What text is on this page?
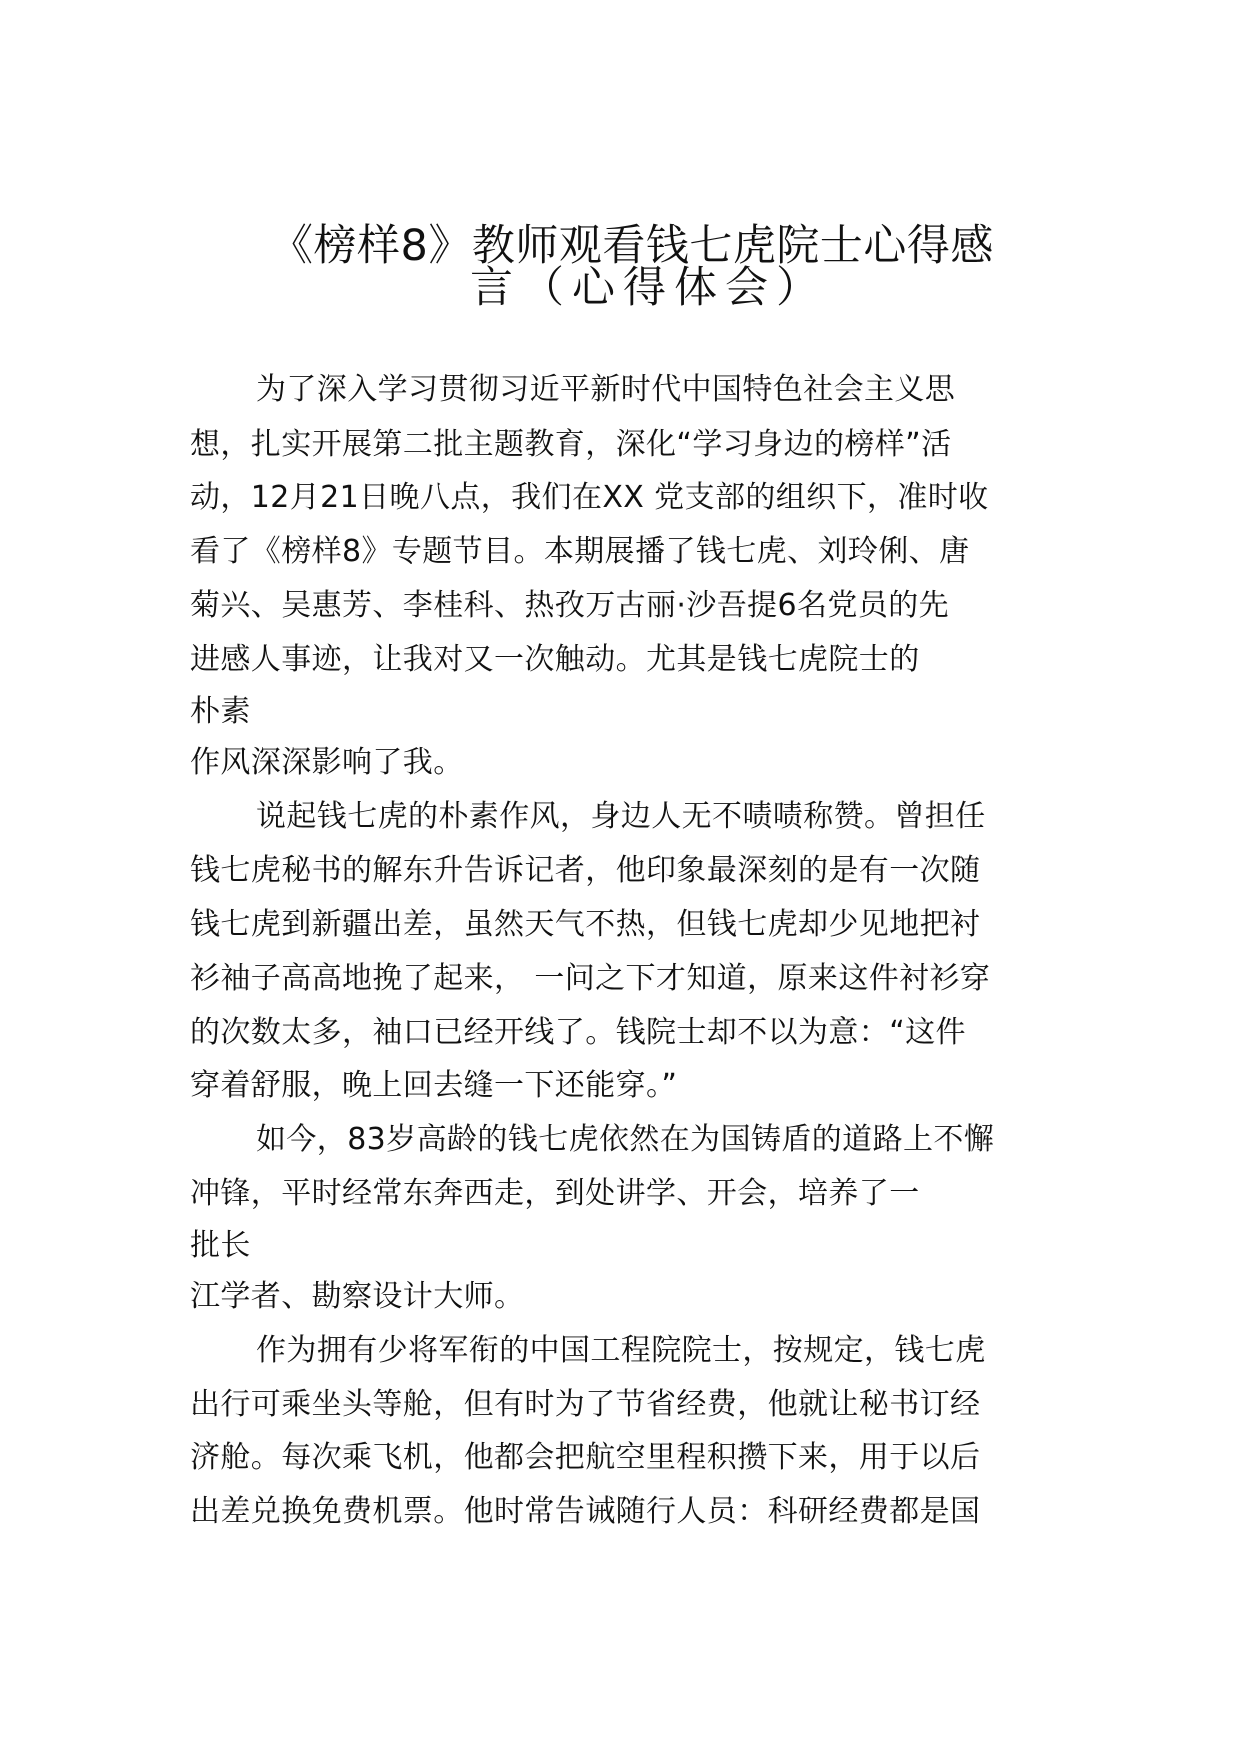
《榜样8》教师观看钱七虎院士心得感
言（心得体会）
为了深入学习贯彻习近平新时代中国特色社会主义思
想，扎实开展第二批主题教育，深化“学习身边的榜样”活
动，12月21日晚八点，我们在XX 党支部的组织下，准时收
看了《榜样8》专题节目。本期展播了钱七虎、刘玲俐、唐
菊兴、吴惠芳、李桂科、热孜万古丽·沙吾提6名党员的先
进感人事迹，让我对又一次触动。尤其是钱七虎院士的
朴素
作风深深影响了我。
说起钱七虎的朴素作风，身边人无不啧啧称赞。曾担任
钱七虎秘书的解东升告诉记者，他印象最深刻的是有一次随
钱七虎到新疆出差，虽然天气不热，但钱七虎却少见地把衬
衫袖子高高地挽了起来， 一问之下才知道，原来这件衬衫穿
的次数太多，袖口已经开线了。钱院士却不以为意：“这件
穿着舒服，晚上回去缝一下还能穿。”
如今，83岁高龄的钱七虎依然在为国铸盾的道路上不懈
冲锋，平时经常东奔西走，到处讲学、开会，培养了一
批长
江学者、勘察设计大师。
作为拥有少将军衔的中国工程院院士，按规定，钱七虎
出行可乘坐头等舱，但有时为了节省经费，他就让秘书订经
济舱。每次乘飞机，他都会把航空里程积攒下来，用于以后
出差兑换免费机票。他时常告诫随行人员：科研经费都是国
